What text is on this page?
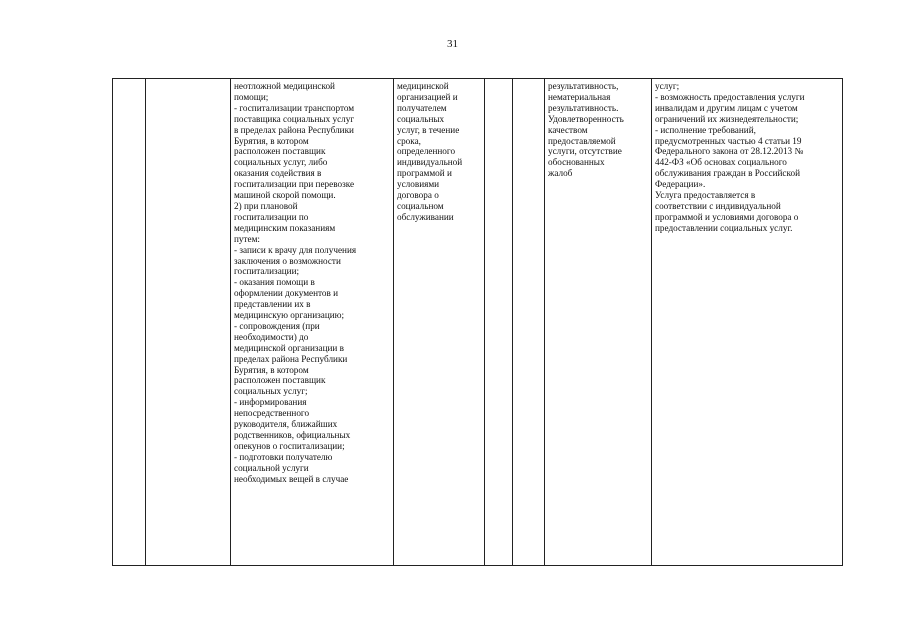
31
		неотложной медицинской
помощи;
- госпитализации транспортом
поставщика социальных услуг
в пределах района Республики
Бурятия, в котором
расположен поставщик
социальных услуг, либо
оказания содействия в
госпитализации при перевозке
машиной скорой помощи.
2) при плановой
госпитализации по
медицинским показаниям
путем:
- записи к врачу для получения
заключения о возможности
госпитализации;
- оказания помощи в
оформлении документов и
представлении их в
медицинскую организацию;
- сопровождения (при
необходимости) до
медицинской организации в
пределах района Республики
Бурятия, в котором
расположен поставщик
социальных услуг;
- информирования
непосредственного
руководителя, ближайших
родственников, официальных
опекунов о госпитализации;
- подготовки получателю
социальной услуги
необходимых вещей в случае	медицинской
организацией и
получателем
социальных
услуг, в течение
срока,
определенного
индивидуальной
программой и
условиями
договора о
социальном
обслуживании			результативность,
нематериальная
результативность.
Удовлетворенность
качеством
предоставляемой
услуги, отсутствие
обоснованных
жалоб	услуг;
- возможность предоставления услуги
инвалидам и другим лицам с учетом
ограничений их жизнедеятельности;
- исполнение требований,
предусмотренных частью 4 статьи 19
Федерального закона от 28.12.2013 №
442-ФЗ «Об основах социального
обслуживания граждан в Российской
Федерации».
Услуга предоставляется в
соответствии с индивидуальной
программой и условиями договора о
предоставлении социальных услуг.
